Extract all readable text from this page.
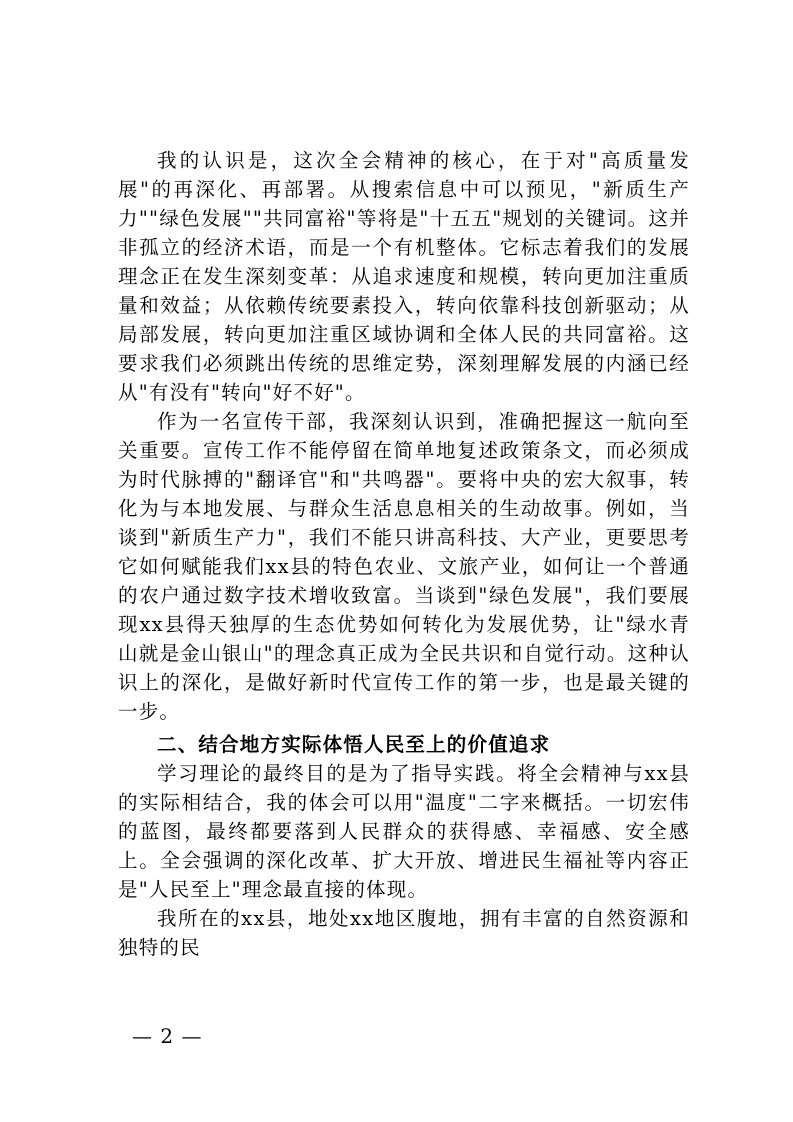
我的认识是，这次全会精神的核心，在于对"高质量发展"的再深化、再部署。从搜索信息中可以预见，"新质生产力""绿色发展""共同富裕"等将是"十五五"规划的关键词。这并非孤立的经济术语，而是一个有机整体。它标志着我们的发展理念正在发生深刻变革：从追求速度和规模，转向更加注重质量和效益；从依赖传统要素投入，转向依靠科技创新驱动；从局部发展，转向更加注重区域协调和全体人民的共同富裕。这要求我们必须跳出传统的思维定势，深刻理解发展的内涵已经从"有没有"转向"好不好"。

作为一名宣传干部，我深刻认识到，准确把握这一航向至关重要。宣传工作不能停留在简单地复述政策条文，而必须成为时代脉搏的"翻译官"和"共鸣器"。要将中央的宏大叙事，转化为与本地发展、与群众生活息息相关的生动故事。例如，当谈到"新质生产力"，我们不能只讲高科技、大产业，更要思考它如何赋能我们xx县的特色农业、文旅产业，如何让一个普通的农户通过数字技术增收致富。当谈到"绿色发展"，我们要展现xx县得天独厚的生态优势如何转化为发展优势，让"绿水青山就是金山银山"的理念真正成为全民共识和自觉行动。这种认识上的深化，是做好新时代宣传工作的第一步，也是最关键的一步。

二、结合地方实际体悟人民至上的价值追求

学习理论的最终目的是为了指导实践。将全会精神与xx县的实际相结合，我的体会可以用"温度"二字来概括。一切宏伟的蓝图，最终都要落到人民群众的获得感、幸福感、安全感上。全会强调的深化改革、扩大开放、增进民生福祉等内容正是"人民至上"理念最直接的体现。

我所在的xx县，地处xx地区腹地，拥有丰富的自然资源和独特的民

— 2 —
